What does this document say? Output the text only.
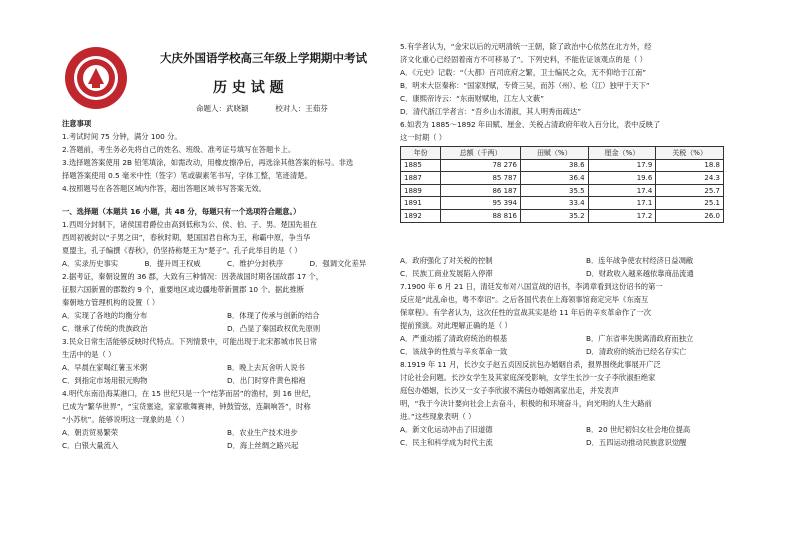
大庆外国语学校高三年级上学期期中考试
历 史 试 题
命题人：武晓颖	校对人：王茹芬

注意事项

1.考试时间 75 分钟，满分 100 分。

2.答题前，考生务必先将自己的姓名、班级、准考证号填写在答题卡上。

3.选择题答案使用 2B 铅笔填涂，如需改动，用橡皮擦净后，再选涂其他答案的标号。非选

择题答案使用 0.5 毫米中性（签字）笔或碳素笔书写，字体工整，笔迹清楚。

4.按照题号在各答题区域内作答，超出答题区域书写答案无效。

一、选择题（本题共 16 小题，共 48 分，每题只有一个选项符合题意。）

1.西周分封制下，诸侯国君爵位由高到低称为公、侯、伯、子、男。楚国先祖在

西周初被封以“子男之田”，春秋时期，楚国国君自称为王，称霸中原，争当华

夏盟主，孔子编撰《春秋》，仍坚持称楚王为“楚子”。孔子此举目的是（ ）

A．实录历史事实	B．提升周王权威	C．维护分封秩序	D．强调文化差异

2.据考证，秦朝设置的 36 郡，大致有三种情况：因袭战国时期各国故郡 17 个，

征服六国新置的郡数约 9 个，重要地区或边疆地带新置郡 10 个。据此推断

秦朝地方管理机构的设置（ ）

A．实现了各地的均衡分布	B．体现了传承与创新的结合
C．继承了传统的贵族政治	D．凸显了秦国政权优先原则

3.民众日常生活能够反映时代特点。下列情景中，可能出现于北宋都城市民日常

生活中的是（ ）

A．早晨在家喝红薯玉米粥	B．晚上去瓦舍听人说书
C．到指定市场用银元购物	D．出门时穿件黄色棉袍

4.明代东南沿海某港口，在 15 世纪只是一个“结茅而居”的渔村，到 16 世纪，

已成为“繁华世界”，“宝货塞途，家家歌舞赛神，钟鼓管弦，连飙响答”，时称

“小苏杭”。能够说明这一现象的是（ ）

A．朝贡贸易繁荣	B．农业生产技术进步
C．白银大量流入	D．海上丝绸之路兴起

5.有学者认为，“金宋以后的元明清统一王朝，除了政治中心依然在北方外，经

济文化重心已经固着南方不可移易了”。下列史料，不能佐证该观点的是（ ）

A．《元史》记载：“（大都）百司庶府之繁，卫士编民之众，无不仰给于江南”
B．明末大臣秦称：“国家财赋，专倚三吴，而苏（州）、松（江）独甲于天下”
C．康熙帝诗云：“东南财赋地，江左人文薮”
D．清代浙江学者言：“吾乡山水清淑，其人明秀而疏达”

6.如表为 1885～1892 年田赋、厘金、关税占清政府年收入百分比，表中反映了

这一时期（ ）

年份	总额（千两）	田赋（%）	厘金（%）	关税（%）
1885	78 276	38.6	17.9	18.8
1887	85 787	36.4	19.6	24.3
1889	86 187	35.5	17.4	25.7
1891	95 394	33.4	17.1	25.1
1892	88 816	35.2	17.2	26.0
A．政府强化了对关税的控制	B．连年战争使农村经济日益凋敝
C．民族工商业发展陷入停滞	D．财政收入越来越依靠商品流通

7.1900 年 6 月 21 日，清廷发布对八国宣战的诏书，李鸿章看到这份诏书的第一

反应是“此乱命也，粤不奉诏”。之后各国代表在上海领事馆商定完毕《东南互

保章程》。有学者认为，这次任性的宣战其实是给 11 年后的辛亥革命作了一次

提前预演。对此理解正确的是（ ）

A．严重动摇了清政府统治的根基	B．广东省率先脱离清政府而独立
C．该战争的性质与辛亥革命一致	D．清政府的统治已经名存实亡

8.1919 年 11 月，长沙女子赵五贞因反抗包办婚姻自杀，报界围绕此事展开广泛

讨论社会问题。长沙女学生及其家庭深受影响，女学生长沙一女子李欣淑拒绝家

庭包办婚姻，长沙又一女子李欣淑不满包办婚姻离家出走，并发表声

明，“我于今决计要向社会上去奋斗，积极的和环境奋斗，向光明的人生大路前

进。”这些现象表明（ ）

A．新文化运动冲击了旧道德	B．20 世纪初妇女社会地位提高
C．民主和科学成为时代主流	D．五四运动推动民族意识觉醒
